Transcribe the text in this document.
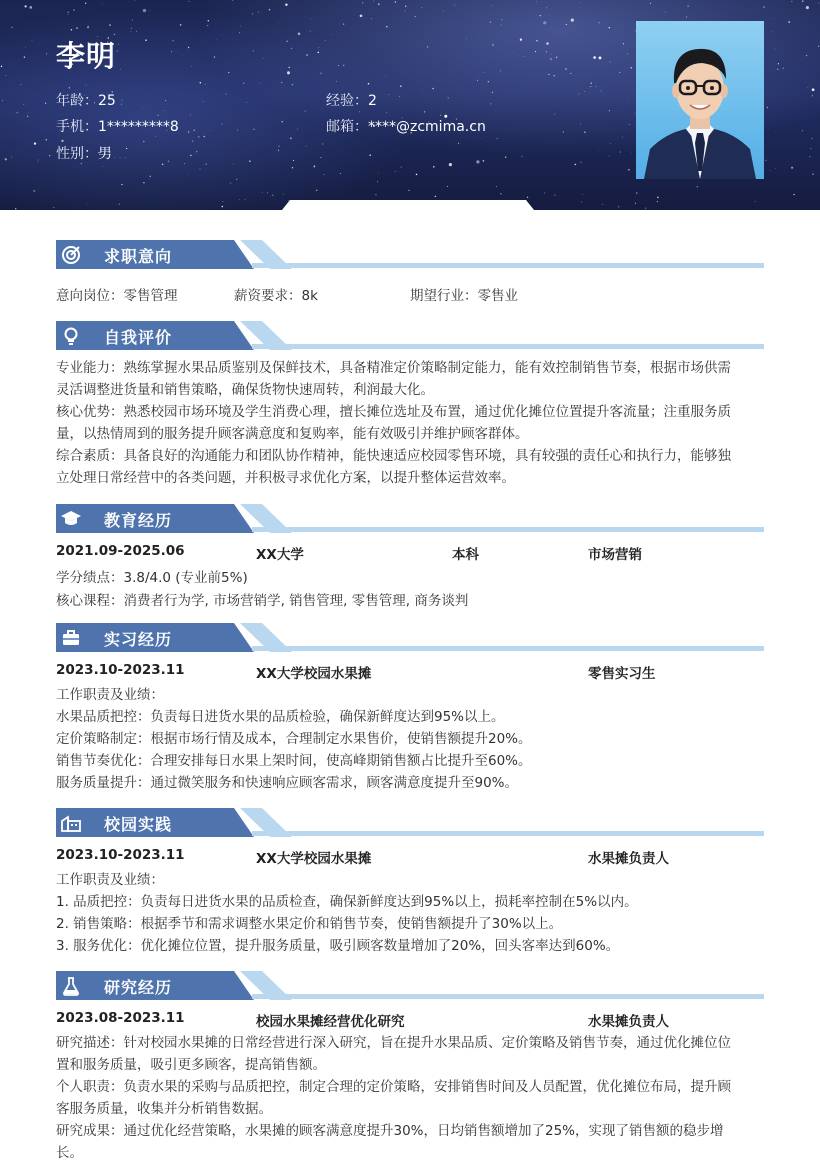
李明
年龄：25	经验：2
手机：1*********8	邮箱：****@zcmima.cn
性别：男
求职意向
意向岗位：零售管理	薪资要求：8k	期望行业：零售业
自我评价
专业能力：熟练掌握水果品质鉴别及保鲜技术，具备精准定价策略制定能力，能有效控制销售节奏，根据市场供需
灵活调整进货量和销售策略，确保货物快速周转，利润最大化。
核心优势：熟悉校园市场环境及学生消费心理，擅长摊位选址及布置，通过优化摊位位置提升客流量；注重服务质
量，以热情周到的服务提升顾客满意度和复购率，能有效吸引并维护顾客群体。
综合素质：具备良好的沟通能力和团队协作精神，能快速适应校园零售环境，具有较强的责任心和执行力，能够独
立处理日常经营中的各类问题，并积极寻求优化方案，以提升整体运营效率。
教育经历
2021.09-2025.06	XX大学	本科	市场营销
学分绩点：3.8/4.0 (专业前5%)
核心课程：消费者行为学, 市场营销学, 销售管理, 零售管理, 商务谈判
实习经历
2023.10-2023.11	XX大学校园水果摊	零售实习生
工作职责及业绩：
水果品质把控：负责每日进货水果的品质检验，确保新鲜度达到95%以上。
定价策略制定：根据市场行情及成本，合理制定水果售价，使销售额提升20%。
销售节奏优化：合理安排每日水果上架时间，使高峰期销售额占比提升至60%。
服务质量提升：通过微笑服务和快速响应顾客需求，顾客满意度提升至90%。
校园实践
2023.10-2023.11	XX大学校园水果摊	水果摊负责人
工作职责及业绩：
1. 品质把控：负责每日进货水果的品质检查，确保新鲜度达到95%以上，损耗率控制在5%以内。
2. 销售策略：根据季节和需求调整水果定价和销售节奏，使销售额提升了30%以上。
3. 服务优化：优化摊位位置，提升服务质量，吸引顾客数量增加了20%，回头客率达到60%。
研究经历
2023.08-2023.11	校园水果摊经营优化研究	水果摊负责人
研究描述：针对校园水果摊的日常经营进行深入研究，旨在提升水果品质、定价策略及销售节奏，通过优化摊位位
置和服务质量，吸引更多顾客，提高销售额。
个人职责：负责水果的采购与品质把控，制定合理的定价策略，安排销售时间及人员配置，优化摊位布局，提升顾
客服务质量，收集并分析销售数据。
研究成果：通过优化经营策略，水果摊的顾客满意度提升30%，日均销售额增加了25%，实现了销售额的稳步增
长。
